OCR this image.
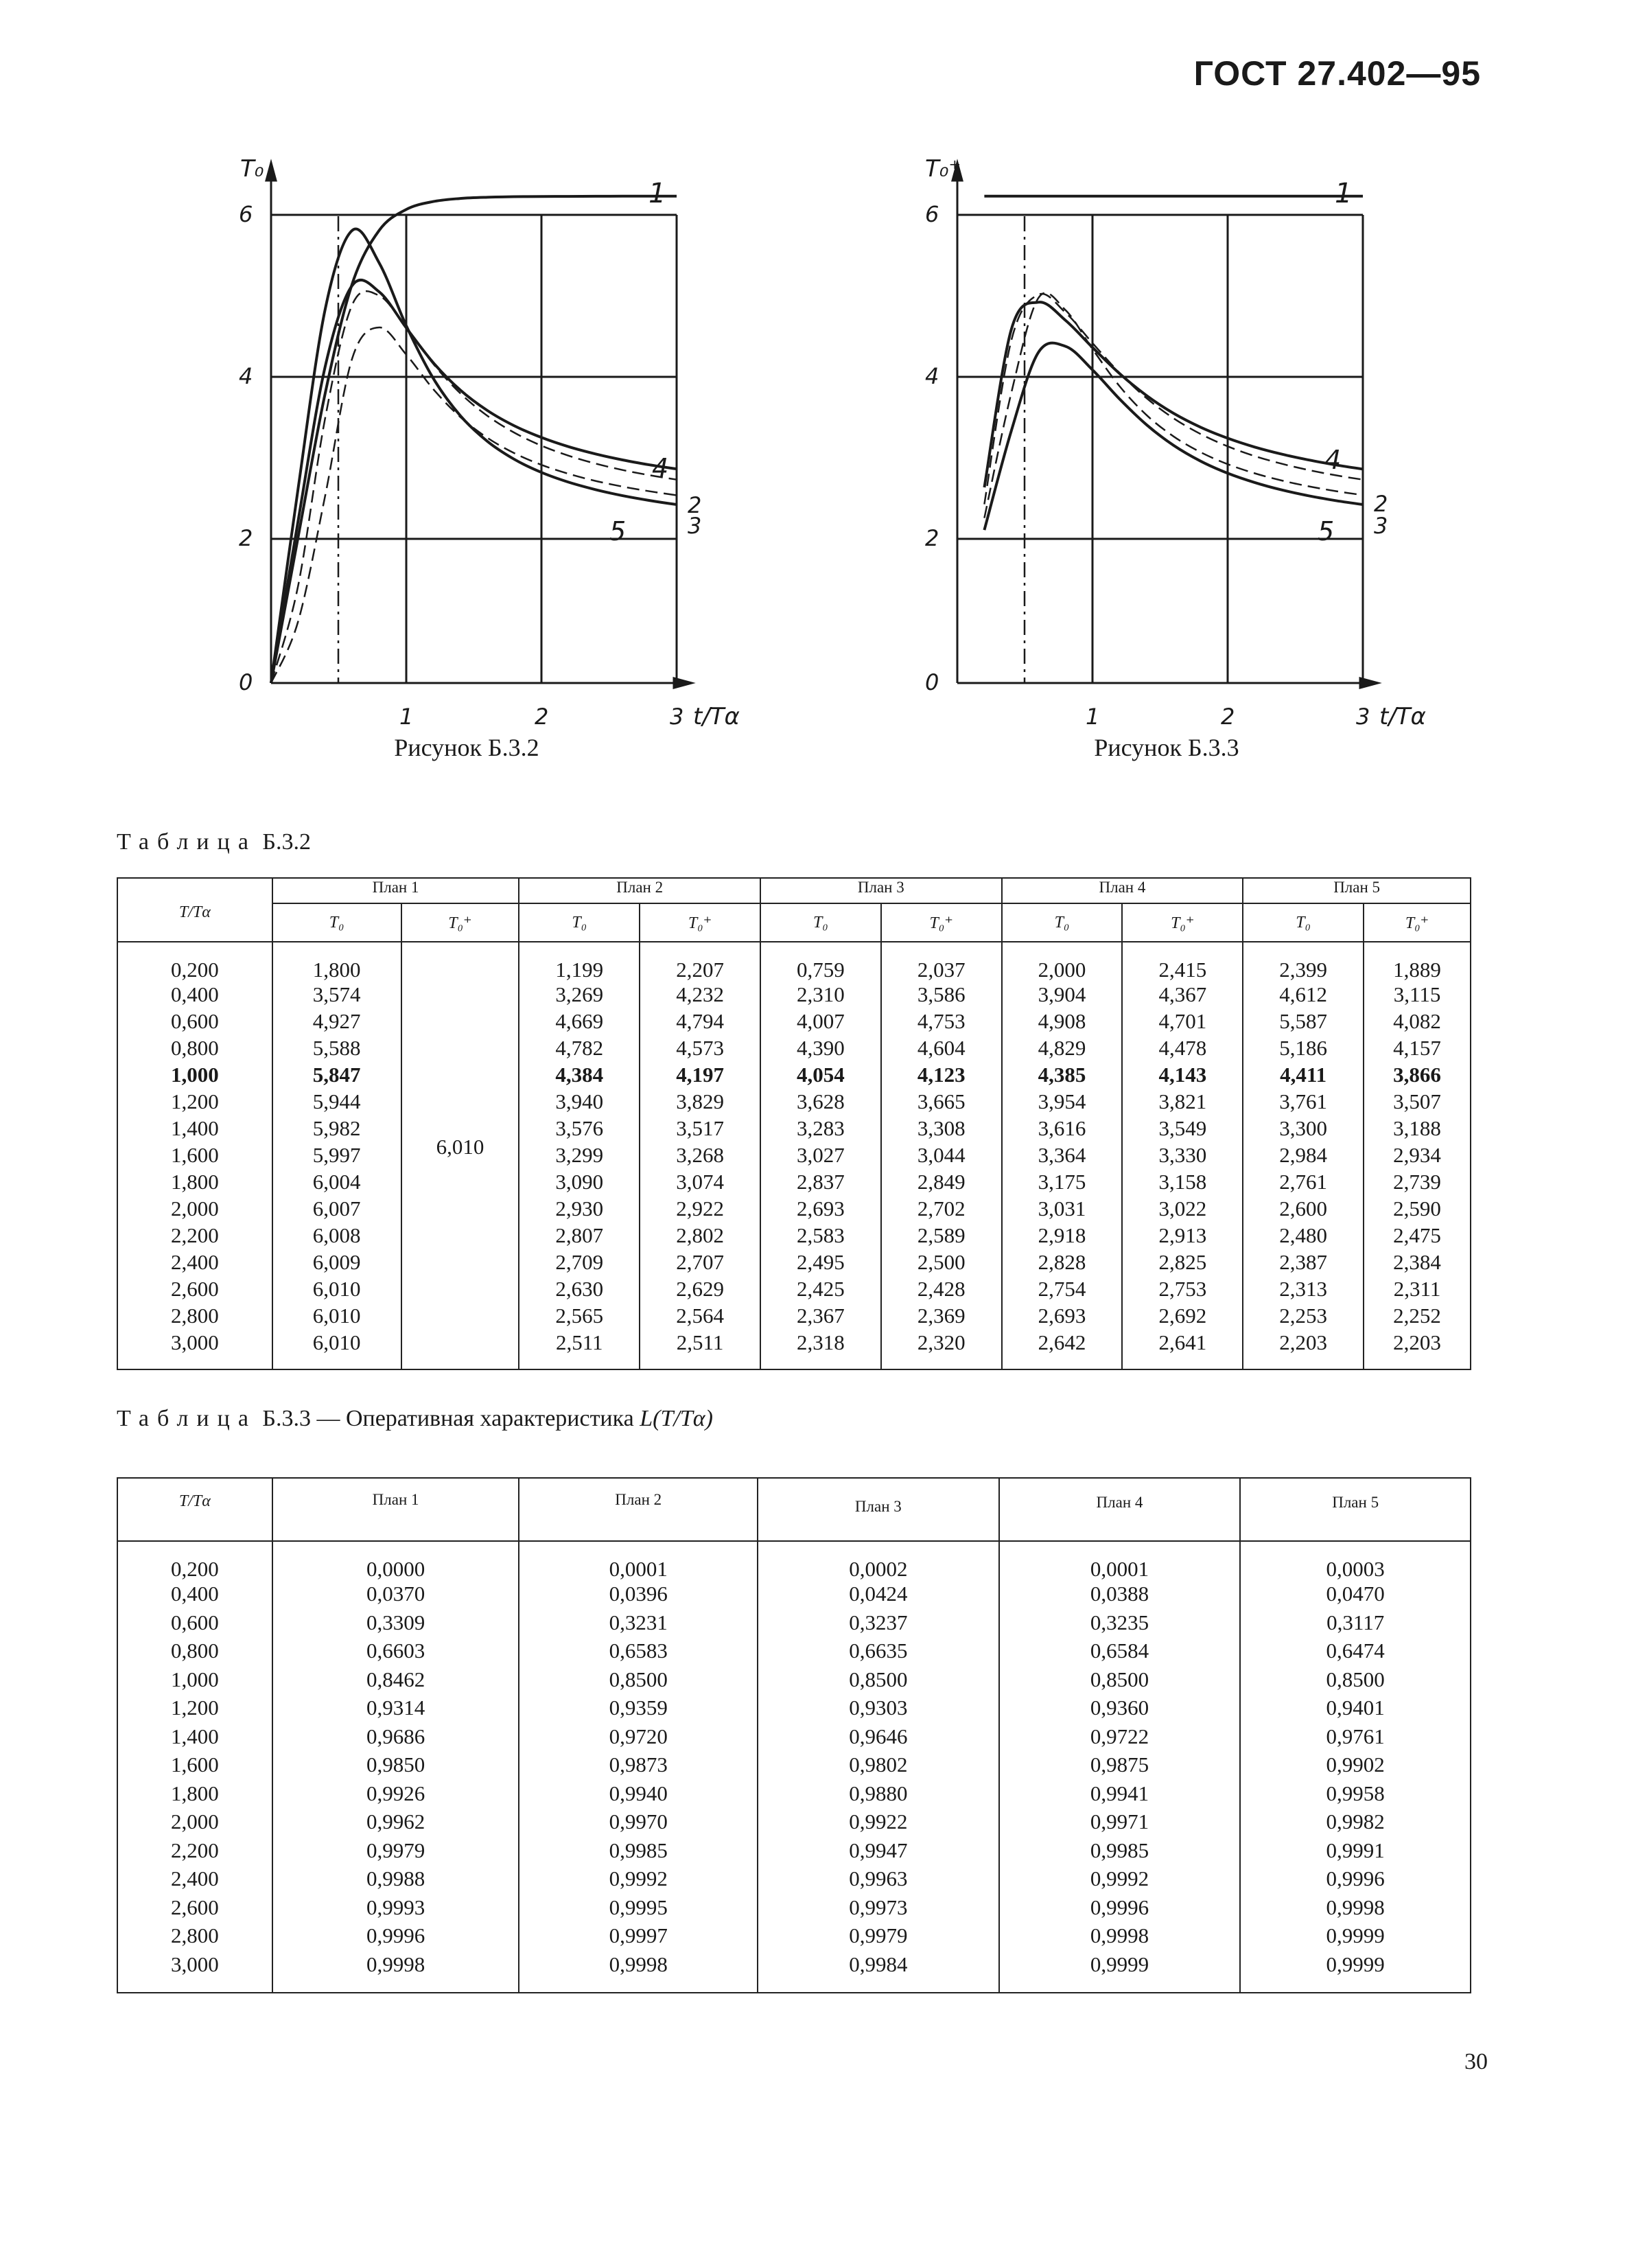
ГОСТ 27.402—95
T₀
0
2
4
6
1	2	3 t/Tα
1
2
3
4
5
Рисунок Б.3.2
T₀⁺
0
2
4
6
1	2	3 t/Tα
1
2
3
4
5
Рисунок Б.3.3
Таблица Б.3.2
T/Tα	План 1		План 2		План 3		План 4		План 5	
	T₀	T₀⁺	T₀	T₀⁺	T₀	T₀⁺	T₀	T₀⁺	T₀	T₀⁺
0,200	1,800	6,010	1,199	2,207	0,759	2,037	2,000	2,415	2,399	1,889
0,400	3,574		3,269	4,232	2,310	3,586	3,904	4,367	4,612	3,115
0,600	4,927		4,669	4,794	4,007	4,753	4,908	4,701	5,587	4,082
0,800	5,588		4,782	4,573	4,390	4,604	4,829	4,478	5,186	4,157
1,000	5,847		4,384	4,197	4,054	4,123	4,385	4,143	4,411	3,866
1,200	5,944		3,940	3,829	3,628	3,665	3,954	3,821	3,761	3,507
1,400	5,982		3,576	3,517	3,283	3,308	3,616	3,549	3,300	3,188
1,600	5,997		3,299	3,268	3,027	3,044	3,364	3,330	2,984	2,934
1,800	6,004		3,090	3,074	2,837	2,849	3,175	3,158	2,761	2,739
2,000	6,007		2,930	2,922	2,693	2,702	3,031	3,022	2,600	2,590
2,200	6,008		2,807	2,802	2,583	2,589	2,918	2,913	2,480	2,475
2,400	6,009		2,709	2,707	2,495	2,500	2,828	2,825	2,387	2,384
2,600	6,010		2,630	2,629	2,425	2,428	2,754	2,753	2,313	2,311
2,800	6,010		2,565	2,564	2,367	2,369	2,693	2,692	2,253	2,252
3,000	6,010		2,511	2,511	2,318	2,320	2,642	2,641	2,203	2,203
Таблица Б.3.3 — Оперативная характеристика L(T/Tα)
T/Tα	План 1	План 2	План 3	План 4	План 5
0,200	0,0000	0,0001	0,0002	0,0001	0,0003
0,400	0,0370	0,0396	0,0424	0,0388	0,0470
0,600	0,3309	0,3231	0,3237	0,3235	0,3117
0,800	0,6603	0,6583	0,6635	0,6584	0,6474
1,000	0,8462	0,8500	0,8500	0,8500	0,8500
1,200	0,9314	0,9359	0,9303	0,9360	0,9401
1,400	0,9686	0,9720	0,9646	0,9722	0,9761
1,600	0,9850	0,9873	0,9802	0,9875	0,9902
1,800	0,9926	0,9940	0,9880	0,9941	0,9958
2,000	0,9962	0,9970	0,9922	0,9971	0,9982
2,200	0,9979	0,9985	0,9947	0,9985	0,9991
2,400	0,9988	0,9992	0,9963	0,9992	0,9996
2,600	0,9993	0,9995	0,9973	0,9996	0,9998
2,800	0,9996	0,9997	0,9979	0,9998	0,9999
3,000	0,9998	0,9998	0,9984	0,9999	0,9999
30
